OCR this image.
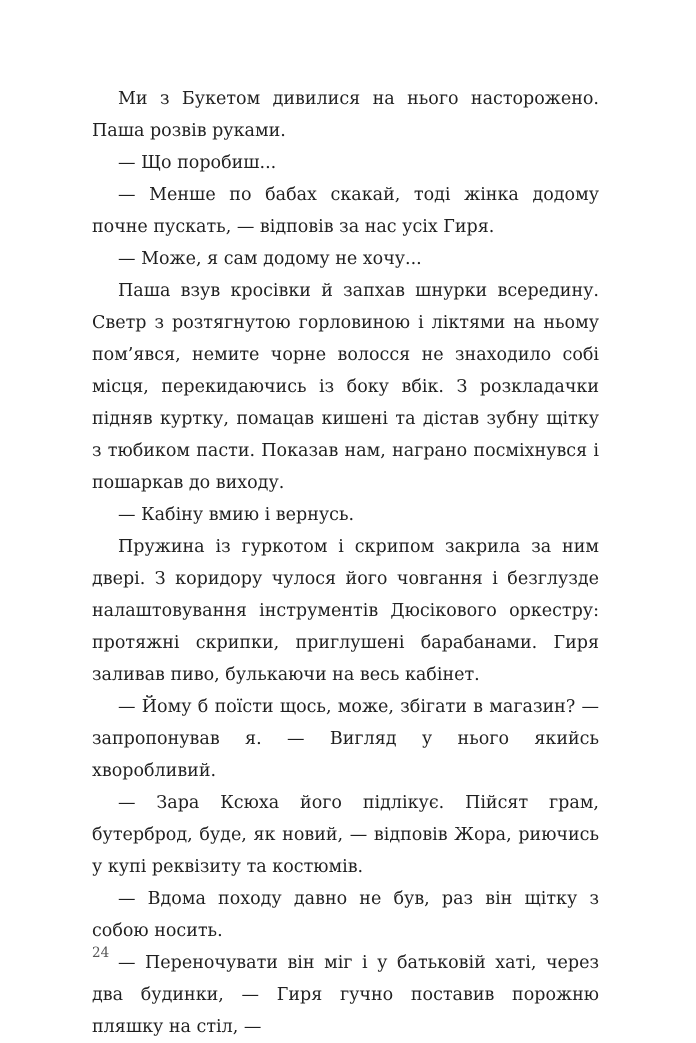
Ми з Букетом дивилися на нього насторожено. Паша розвів руками.

— Що поробиш...

— Менше по бабах скакай, тоді жінка додому почне пускать, — відповів за нас усіх Гиря.

— Може, я сам додому не хочу...

Паша взув кросівки й запхав шнурки всередину. Светр з розтягнутою горловиною і ліктями на ньому пом’явся, немите чорне волосся не знаходило собі місця, перекидаючись із боку вбік. З розкладачки підняв куртку, помацав кишені та дістав зубну щітку з тюбиком пасти. Показав нам, награно посміхнувся і пошаркав до виходу.

— Кабіну вмию і вернусь.

Пружина із гуркотом і скрипом закрила за ним двері. З коридору чулося його човгання і безглузде налаштовування інструментів Дюсікового оркестру: протяжні скрипки, приглушені барабанами. Гиря заливав пиво, булькаючи на весь кабінет.

— Йому б поїсти щось, може, збігати в магазин? — запропонував я. — Вигляд у нього якийсь хворобливий.

— Зара Ксюха його підлікує. Пійсят грам, бутерброд, буде, як новий, — відповів Жора, риючись у купі реквізиту та костюмів.

— Вдома походу давно не був, раз він щітку з собою носить.

— Переночувати він міг і у батьковій хаті, через два будинки, — Гиря гучно поставив порожню пляшку на стіл, —

24
